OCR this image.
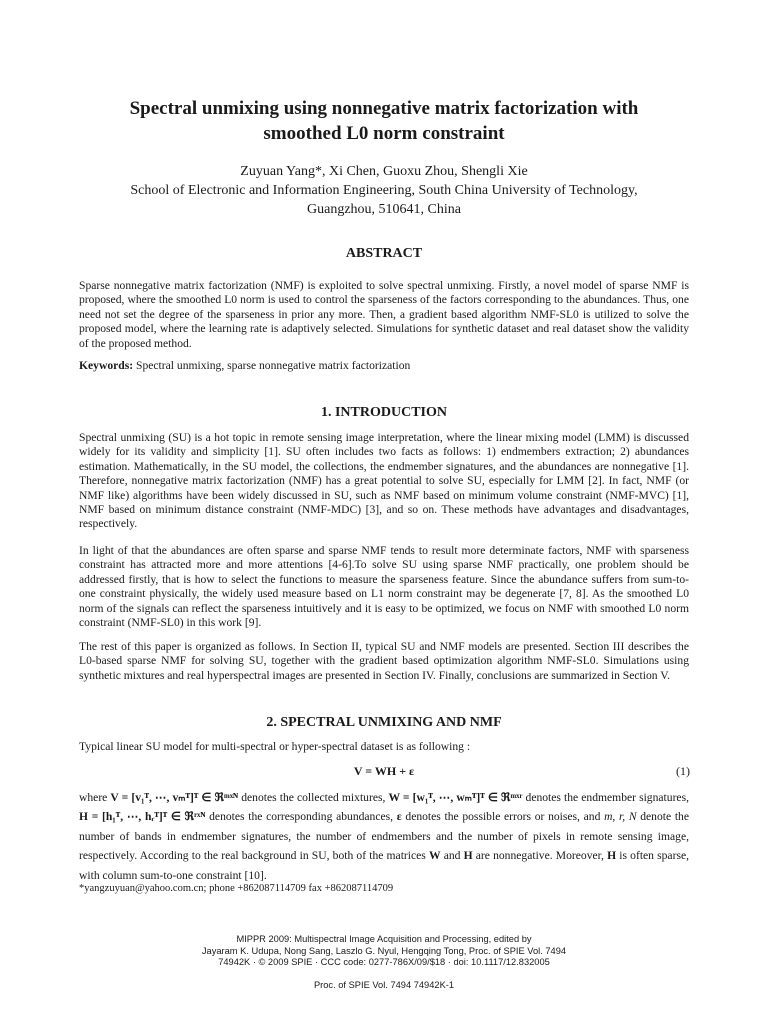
Spectral unmixing using nonnegative matrix factorization with
smoothed L0 norm constraint
Zuyuan Yang*, Xi Chen, Guoxu Zhou, Shengli Xie
School of Electronic and Information Engineering, South China University of Technology,
Guangzhou, 510641, China
ABSTRACT
Sparse nonnegative matrix factorization (NMF) is exploited to solve spectral unmixing. Firstly, a novel model of sparse NMF is proposed, where the smoothed L0 norm is used to control the sparseness of the factors corresponding to the abundances. Thus, one need not set the degree of the sparseness in prior any more. Then, a gradient based algorithm NMF-SL0 is utilized to solve the proposed model, where the learning rate is adaptively selected. Simulations for synthetic dataset and real dataset show the validity of the proposed method.
Keywords: Spectral unmixing, sparse nonnegative matrix factorization
1. INTRODUCTION
Spectral unmixing (SU) is a hot topic in remote sensing image interpretation, where the linear mixing model (LMM) is discussed widely for its validity and simplicity [1]. SU often includes two facts as follows: 1) endmembers extraction; 2) abundances estimation. Mathematically, in the SU model, the collections, the endmember signatures, and the abundances are nonnegative [1]. Therefore, nonnegative matrix factorization (NMF) has a great potential to solve SU, especially for LMM [2]. In fact, NMF (or NMF like) algorithms have been widely discussed in SU, such as NMF based on minimum volume constraint (NMF-MVC) [1], NMF based on minimum distance constraint (NMF-MDC) [3], and so on. These methods have advantages and disadvantages, respectively.
In light of that the abundances are often sparse and sparse NMF tends to result more determinate factors, NMF with sparseness constraint has attracted more and more attentions [4-6].To solve SU using sparse NMF practically, one problem should be addressed firstly, that is how to select the functions to measure the sparseness feature. Since the abundance suffers from sum-to-one constraint physically, the widely used measure based on L1 norm constraint may be degenerate [7, 8]. As the smoothed L0 norm of the signals can reflect the sparseness intuitively and it is easy to be optimized, we focus on NMF with smoothed L0 norm constraint (NMF-SL0) in this work [9].
The rest of this paper is organized as follows. In Section II, typical SU and NMF models are presented. Section III describes the L0-based sparse NMF for solving SU, together with the gradient based optimization algorithm NMF-SL0. Simulations using synthetic mixtures and real hyperspectral images are presented in Section IV. Finally, conclusions are summarized in Section V.
2. SPECTRAL UNMIXING AND NMF
Typical linear SU model for multi-spectral or hyper-spectral dataset is as following :
V = WH + ε	(1)
where V = [v₁ᵀ, ⋯, vₘᵀ]ᵀ ∈ ℜᵐˣᴺ denotes the collected mixtures, W = [w₁ᵀ, ⋯, wₘᵀ]ᵀ ∈ ℜᵐˣʳ denotes the endmember signatures, H = [h₁ᵀ, ⋯, hᵣᵀ]ᵀ ∈ ℜʳˣᴺ denotes the corresponding abundances, ε denotes the possible errors or noises, and m, r, N denote the number of bands in endmember signatures, the number of endmembers and the number of pixels in remote sensing image, respectively. According to the real background in SU, both of the matrices W and H are nonnegative. Moreover, H is often sparse, with column sum-to-one constraint [10].
*yangzuyuan@yahoo.com.cn; phone +862087114709 fax +862087114709
MIPPR 2009: Multispectral Image Acquisition and Processing, edited by
Jayaram K. Udupa, Nong Sang, Laszlo G. Nyul, Hengqing Tong, Proc. of SPIE Vol. 7494
74942K · © 2009 SPIE · CCC code: 0277-786X/09/$18 · doi: 10.1117/12.832005
Proc. of SPIE Vol. 7494 74942K-1
